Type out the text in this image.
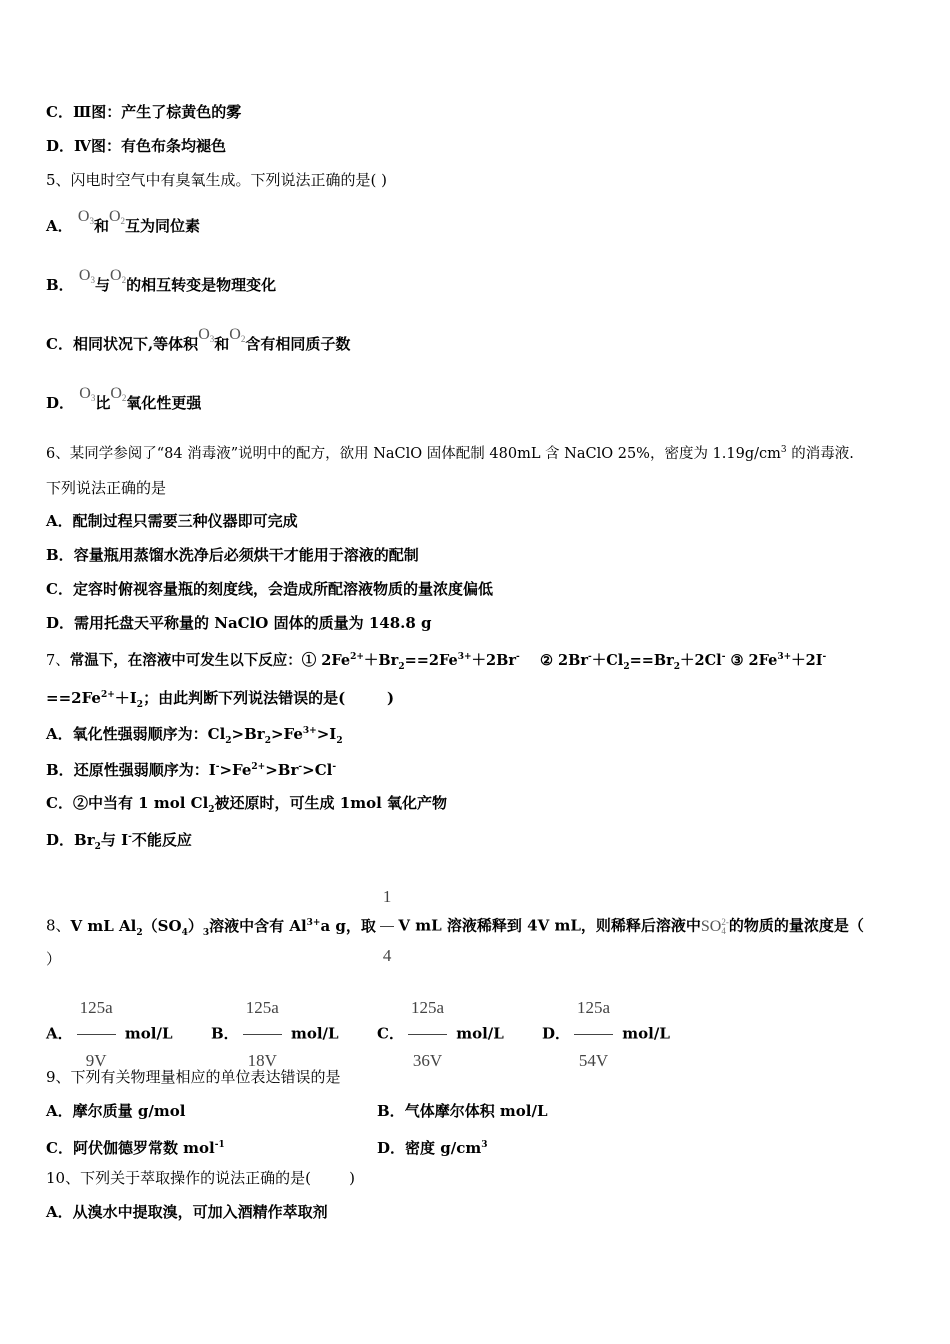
C．Ⅲ图：产生了棕黄色的雾
D．Ⅳ图：有色布条均褪色
5、闪电时空气中有臭氧生成。下列说法正确的是( )
A． O3和O2互为同位素
B． O3与O2的相互转变是物理变化
C．相同状况下,等体积O3和O2含有相同质子数
D． O3比O2氧化性更强
6、某同学参阅了“84 消毒液”说明中的配方，欲用 NaClO 固体配制 480mL 含 NaClO 25%，密度为 $1.19g/cm^3$ 的消毒液.
下列说法正确的是
A．配制过程只需要三种仪器即可完成
B．容量瓶用蒸馏水洗净后必须烘干才能用于溶液的配制
C．定容时俯视容量瓶的刻度线，会造成所配溶液物质的量浓度偏低
D．需用托盘天平称量的 NaClO 固体的质量为 148.8 g
7、常温下，在溶液中可发生以下反应：① $2Fe^{2+}+Br_2==2Fe^{3+}+2Br^-$    ② $2Br^-+Cl_2==Br_2+2Cl^-$ ③ $2Fe^{3+}+2I^-$
$==2Fe^{2+}+I_2$；由此判断下列说法错误的是(        )
A．氧化性强弱顺序为：$Cl_2>Br_2>Fe^{3+}>I_2$
B．还原性强弱顺序为：$I^->Fe^{2+}>Br^->Cl^-$
C．②中当有 1 mol $Cl_2$被还原时，可生成 1mol 氧化产物
D．$Br_2$与 I-不能反应
8、V mL $Al_2(SO_4)_3$溶液中含有 $Al^{3+}a$ g，取 $\frac{1}{4}$ V mL 溶液稀释到 4V mL，则稀释后溶液中SO 2-
4 的物质的量浓度是（
）
A． $\frac{125a}{9V} mol/L$	B． $\frac{125a}{18V} mol/L$	C． $\frac{125a}{36V} mol/L$	D． $\frac{125a}{54V} mol/L$
9、下列有关物理量相应的单位表达错误的是
A．摩尔质量 g/mol	B．气体摩尔体积 mol/L
C．阿伏伽德罗常数 mol$^{-1}$	D．密度 $g/cm^3$
10、下列关于萃取操作的说法正确的是(        )
A．从溴水中提取溴，可加入酒精作萃取剂
